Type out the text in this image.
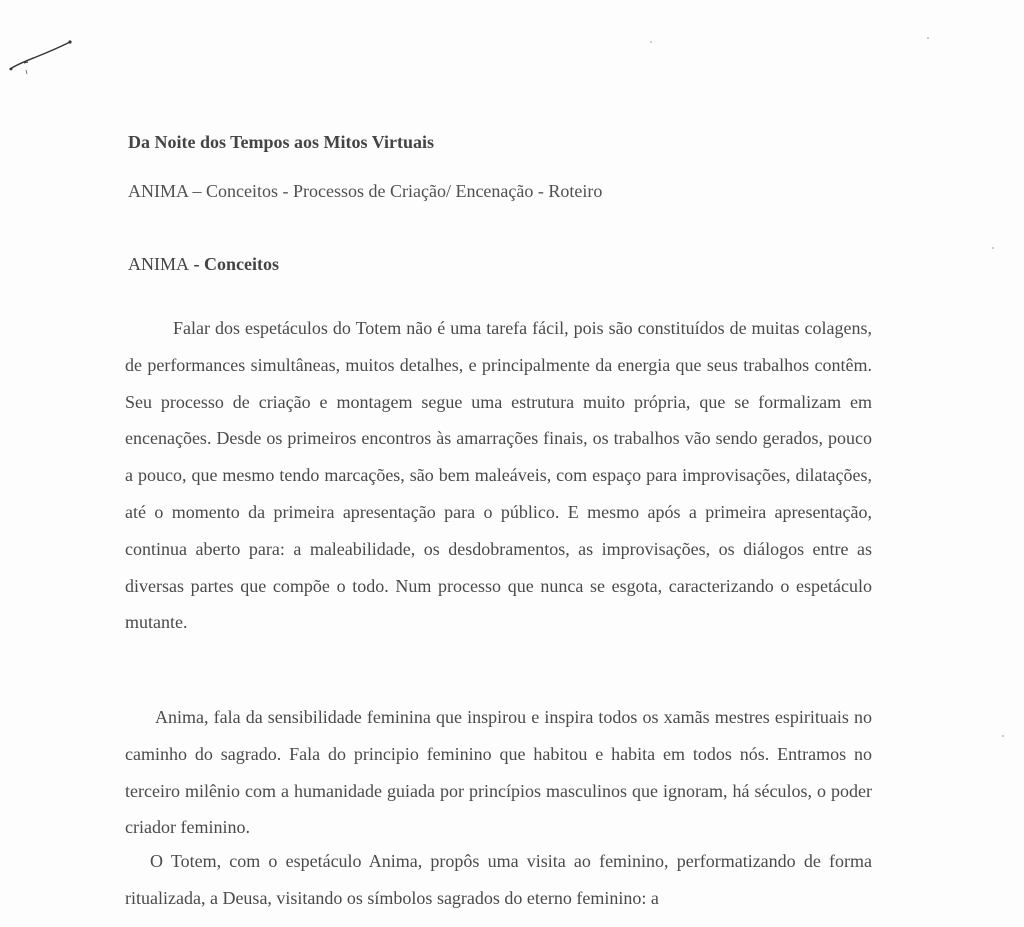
Da Noite dos Tempos aos Mitos Virtuais
ANIMA – Conceitos - Processos de Criação/ Encenação - Roteiro
ANIMA - Conceitos

Falar dos espetáculos do Totem não é uma tarefa fácil, pois são constituídos de muitas colagens, de performances simultâneas, muitos detalhes, e principalmente da energia que seus trabalhos contêm. Seu processo de criação e montagem segue uma estrutura muito própria, que se formalizam em encenações. Desde os primeiros encontros às amarrações finais, os trabalhos vão sendo gerados, pouco a pouco, que mesmo tendo marcações, são bem maleáveis, com espaço para improvisações, dilatações, até o momento da primeira apresentação para o público. E mesmo após a primeira apresentação, continua aberto para: a maleabilidade, os desdobramentos, as improvisações, os diálogos entre as diversas partes que compõe o todo. Num processo que nunca se esgota, caracterizando o espetáculo mutante.

Anima, fala da sensibilidade feminina que inspirou e inspira todos os xamãs mestres espirituais no caminho do sagrado. Fala do principio feminino que habitou e habita em todos nós. Entramos no terceiro milênio com a humanidade guiada por princípios masculinos que ignoram, há séculos, o poder criador feminino.

O Totem, com o espetáculo Anima, propôs uma visita ao feminino, performatizando de forma ritualizada, a Deusa, visitando os símbolos sagrados do eterno feminino: a
